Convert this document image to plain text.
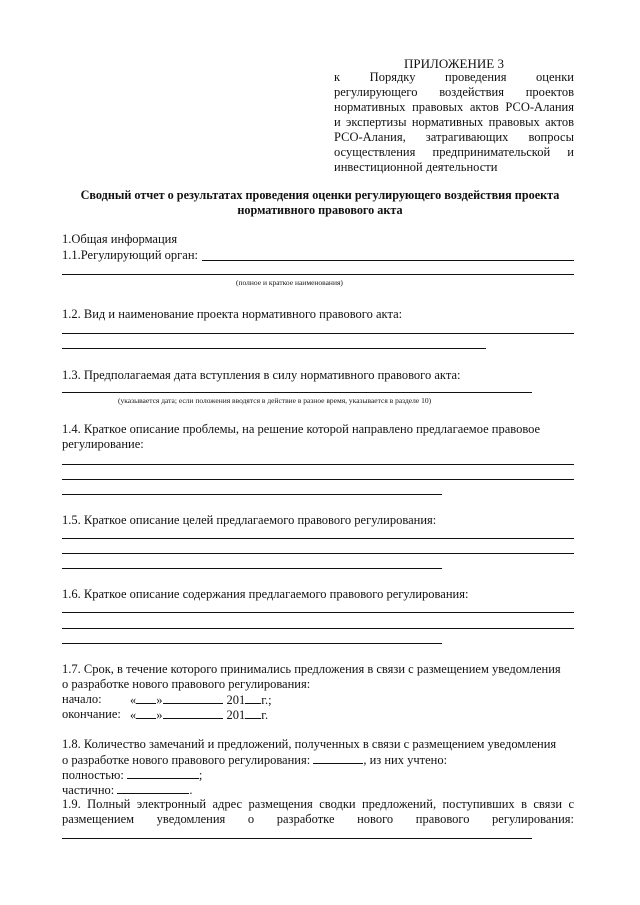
ПРИЛОЖЕНИЕ 3
к Порядку проведения оценки
регулирующего воздействия проектов
нормативных правовых актов РСО-Алания
и экспертизы нормативных правовых актов
РСО-Алания, затрагивающих вопросы
осуществления предпринимательской и
инвестиционной деятельности
Сводный отчет о результатах проведения оценки регулирующего воздействия проекта
нормативного правового акта
1.Общая информация
1.1.Регулирующий орган:
(полное и краткое наименования)
1.2. Вид и наименование проекта нормативного правового акта:
1.3. Предполагаемая дата вступления в силу нормативного правового акта:
(указывается дата; если положения вводятся в действие в разное время, указывается в разделе 10)
1.4. Краткое описание проблемы, на решение которой направлено предлагаемое правовое
регулирование:
1.5. Краткое описание целей предлагаемого правового регулирования:
1.6. Краткое описание содержания предлагаемого правового регулирования:
1.7. Срок, в течение которого принимались предложения в связи с размещением уведомления
о разработке нового правового регулирования:
начало: « »	201 г.;
окончание: « »	201 г.
1.8. Количество замечаний и предложений, полученных в связи с размещением уведомления
о разработке нового правового регулирования:	, из них учтено:
полностью:	;
частично:	.
1.9. Полный электронный адрес размещения сводки предложений, поступивших в связи с
размещением уведомления о разработке нового правового регулирования:
